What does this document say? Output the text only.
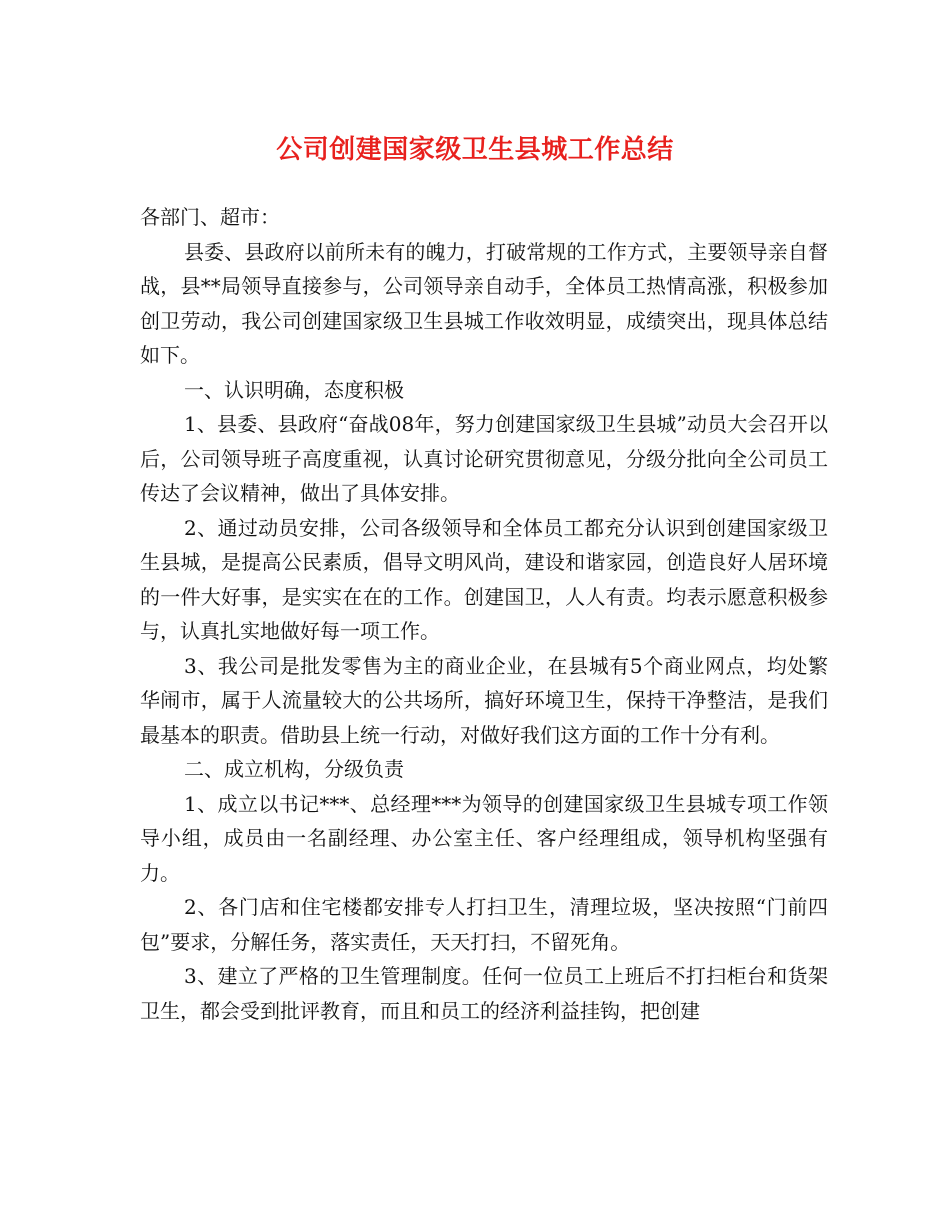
公司创建国家级卫生县城工作总结

各部门、超市：

县委、县政府以前所未有的魄力，打破常规的工作方式，主要领导亲自督战，县**局领导直接参与，公司领导亲自动手，全体员工热情高涨，积极参加创卫劳动，我公司创建国家级卫生县城工作收效明显，成绩突出，现具体总结如下。

一、认识明确，态度积极

1、县委、县政府“奋战08年，努力创建国家级卫生县城”动员大会召开以后，公司领导班子高度重视，认真讨论研究贯彻意见，分级分批向全公司员工传达了会议精神，做出了具体安排。

2、通过动员安排，公司各级领导和全体员工都充分认识到创建国家级卫生县城，是提高公民素质，倡导文明风尚，建设和谐家园，创造良好人居环境的一件大好事，是实实在在的工作。创建国卫，人人有责。均表示愿意积极参与，认真扎实地做好每一项工作。

3、我公司是批发零售为主的商业企业，在县城有5个商业网点，均处繁华闹市，属于人流量较大的公共场所，搞好环境卫生，保持干净整洁，是我们最基本的职责。借助县上统一行动，对做好我们这方面的工作十分有利。

二、成立机构，分级负责

1、成立以书记***、总经理***为领导的创建国家级卫生县城专项工作领导小组，成员由一名副经理、办公室主任、客户经理组成，领导机构坚强有力。

2、各门店和住宅楼都安排专人打扫卫生，清理垃圾，坚决按照“门前四包”要求，分解任务，落实责任，天天打扫，不留死角。

3、建立了严格的卫生管理制度。任何一位员工上班后不打扫柜台和货架卫生，都会受到批评教育，而且和员工的经济利益挂钩，把创建
